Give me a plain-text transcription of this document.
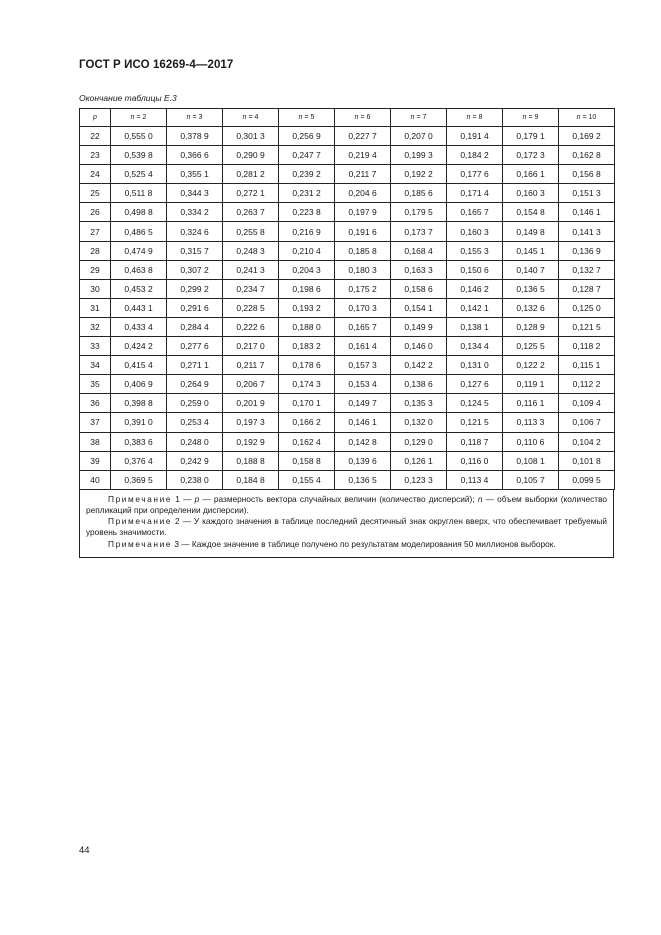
ГОСТ Р ИСО 16269-4—2017
Окончание таблицы Е.3
p	n = 2	n = 3	n = 4	n = 5	n = 6	n = 7	n = 8	n = 9	n = 10
22	0,555 0	0,378 9	0,301 3	0,256 9	0,227 7	0,207 0	0,191 4	0,179 1	0,169 2
23	0,539 8	0,366 6	0,290 9	0,247 7	0,219 4	0,199 3	0,184 2	0,172 3	0,162 8
24	0,525 4	0,355 1	0,281 2	0,239 2	0,211 7	0,192 2	0,177 6	0,166 1	0,156 8
25	0,511 8	0,344 3	0,272 1	0,231 2	0,204 6	0,185 6	0,171 4	0,160 3	0,151 3
26	0,498 8	0,334 2	0,263 7	0,223 8	0,197 9	0,179 5	0,165 7	0,154 8	0,146 1
27	0,486 5	0,324 6	0,255 8	0,216 9	0,191 6	0,173 7	0,160 3	0,149 8	0,141 3
28	0,474 9	0,315 7	0,248 3	0,210 4	0,185 8	0,168 4	0,155 3	0,145 1	0,136 9
29	0,463 8	0,307 2	0,241 3	0,204 3	0,180 3	0,163 3	0,150 6	0,140 7	0,132 7
30	0,453 2	0,299 2	0,234 7	0,198 6	0,175 2	0,158 6	0,146 2	0,136 5	0,128 7
31	0,443 1	0,291 6	0,228 5	0,193 2	0,170 3	0,154 1	0,142 1	0,132 6	0,125 0
32	0,433 4	0,284 4	0,222 6	0,188 0	0,165 7	0,149 9	0,138 1	0,128 9	0,121 5
33	0,424 2	0,277 6	0,217 0	0,183 2	0,161 4	0,146 0	0,134 4	0,125 5	0,118 2
34	0,415 4	0,271 1	0,211 7	0,178 6	0,157 3	0,142 2	0,131 0	0,122 2	0,115 1
35	0,406 9	0,264 9	0,206 7	0,174 3	0,153 4	0,138 6	0,127 6	0,119 1	0,112 2
36	0,398 8	0,259 0	0,201 9	0,170 1	0,149 7	0,135 3	0,124 5	0,116 1	0,109 4
37	0,391 0	0,253 4	0,197 3	0,166 2	0,146 1	0,132 0	0,121 5	0,113 3	0,106 7
38	0,383 6	0,248 0	0,192 9	0,162 4	0,142 8	0,129 0	0,118 7	0,110 6	0,104 2
39	0,376 4	0,242 9	0,188 8	0,158 8	0,139 6	0,126 1	0,116 0	0,108 1	0,101 8
40	0,369 5	0,238 0	0,184 8	0,155 4	0,136 5	0,123 3	0,113 4	0,105 7	0,099 5

Примечание 1 — p — размерность вектора случайных величин (количество дисперсий); n — объем выборки (количество репликаций при определении дисперсии).

Примечание 2 — У каждого значения в таблице последний десятичный знак округлен вверх, что обеспечивает требуемый уровень значимости.

Примечание 3 — Каждое значение в таблице получено по результатам моделирования 50 миллионов выборок.

44
